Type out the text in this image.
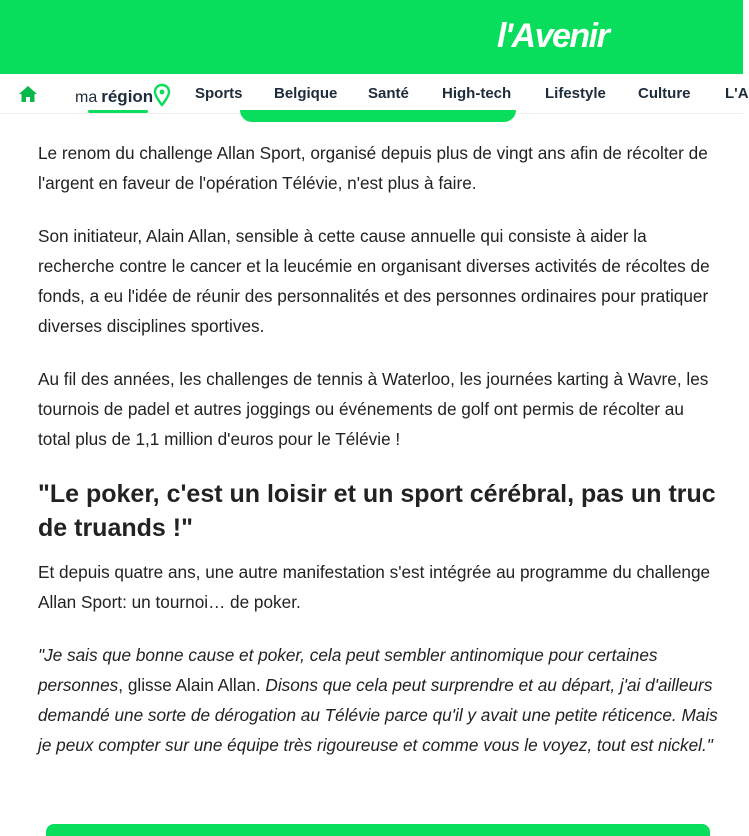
l'Avenir
ma région	Sports Belgique Santé High-tech Lifestyle Culture L'A

Le renom du challenge Allan Sport, organisé depuis plus de vingt ans afin de récolter de l'argent en faveur de l'opération Télévie, n'est plus à faire.

Son initiateur, Alain Allan, sensible à cette cause annuelle qui consiste à aider la recherche contre le cancer et la leucémie en organisant diverses activités de récoltes de fonds, a eu l'idée de réunir des personnalités et des personnes ordinaires pour pratiquer diverses disciplines sportives.

Au fil des années, les challenges de tennis à Waterloo, les journées karting à Wavre, les tournois de padel et autres joggings ou événements de golf ont permis de récolter au total plus de 1,1 million d'euros pour le Télévie !

"Le poker, c'est un loisir et un sport cérébral, pas un truc de truands !"

Et depuis quatre ans, une autre manifestation s'est intégrée au programme du challenge Allan Sport: un tournoi… de poker.

"Je sais que bonne cause et poker, cela peut sembler antinomique pour certaines personnes, glisse Alain Allan. Disons que cela peut surprendre et au départ, j'ai d'ailleurs demandé une sorte de dérogation au Télévie parce qu'il y avait une petite réticence. Mais je peux compter sur une équipe très rigoureuse et comme vous le voyez, tout est nickel."
